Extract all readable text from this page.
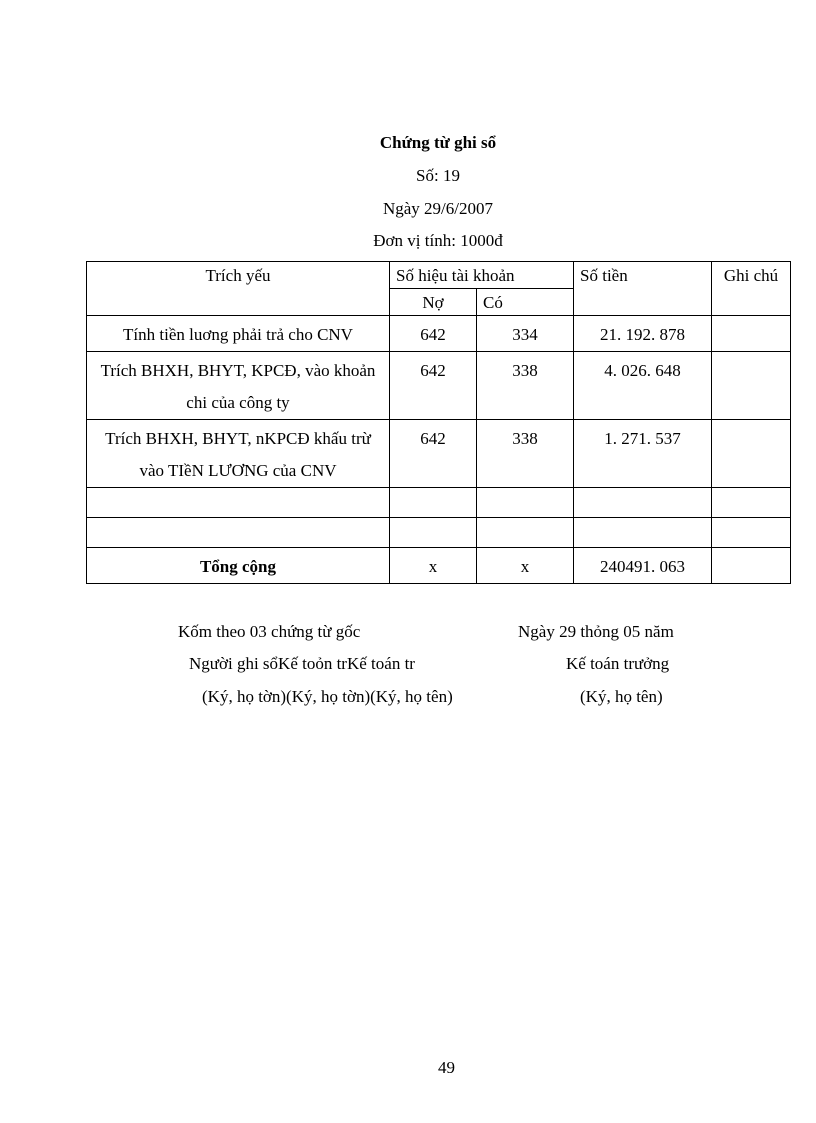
Chứng từ ghi sổ
Số: 19
Ngày 29/6/2007
Đơn vị tính: 1000đ
Trích yếu	Số hiệu tài khoản		Số tiền	Ghi chú
	Nợ	Có		
Tính tiền luơng phải trả cho CNV	642	334	21. 192. 878	
Trích BHXH, BHYT, KPCĐ, vào khoản chi của công ty	642	338	4. 026. 648	
Trích BHXH, BHYT, nKPCĐ khấu trừ vào TIềN LƯƠNG của CNV	642	338	1. 271. 537	

Tổng cộng	x	x	240491. 063	
Kốm theo 03 chứng từ gốc	Ngày 29 thỏng 05 năm
Người ghi sổKế toỏn trKế toán tr	Kế toán trưởng
(Ký, họ tờn)(Ký, họ tờn)(Ký, họ tên)	(Ký, họ tên)
49
